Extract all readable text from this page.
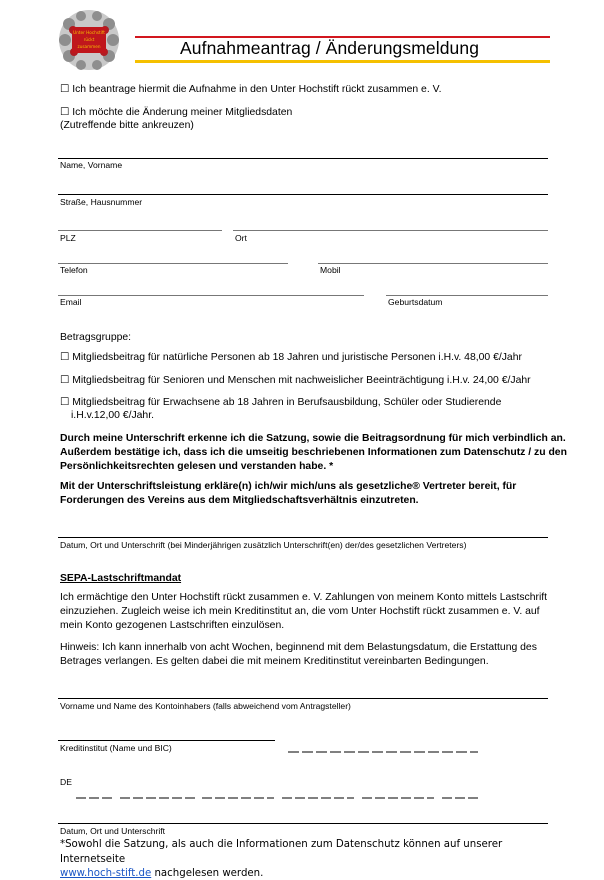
Unter Hochstift
rückt
zusammen	Aufnahmeantrag / Änderungsmeldung
☐ Ich beantrage hiermit die Aufnahme in den Unter Hochstift rückt zusammen e. V.
☐ Ich möchte die Änderung meiner Mitgliedsdaten
(Zutreffende bitte ankreuzen)
Name, Vorname
Straße, Hausnummer
PLZ	Ort
Telefon	Mobil
Email	Geburtsdatum
Betragsgruppe:
☐ Mitgliedsbeitrag für natürliche Personen ab 18 Jahren und juristische Personen i.H.v. 48,00 €/Jahr
☐ Mitgliedsbeitrag für Senioren und Menschen mit nachweislicher Beeinträchtigung i.H.v. 24,00 €/Jahr
☐ Mitgliedsbeitrag für Erwachsene ab 18 Jahren in Berufsausbildung, Schüler oder Studierende
i.H.v.12,00 €/Jahr.
Durch meine Unterschrift erkenne ich die Satzung, sowie die Beitragsordnung für mich verbindlich an. Außerdem bestätige ich, dass ich die umseitig beschriebenen Informationen zum Datenschutz / zu den Persönlichkeitsrechten gelesen und verstanden habe. *
Mit der Unterschriftsleistung erkläre(n) ich/wir mich/uns als gesetzliche® Vertreter bereit, für Forderungen des Vereins aus dem Mitgliedschaftsverhältnis einzutreten.
Datum, Ort und Unterschrift (bei Minderjährigen zusätzlich Unterschrift(en) der/des gesetzlichen Vertreters)
SEPA-Lastschriftmandat
Ich ermächtige den Unter Hochstift rückt zusammen e. V. Zahlungen von meinem Konto mittels Lastschrift einzuziehen. Zugleich weise ich mein Kreditinstitut an, die vom Unter Hochstift rückt zusammen e. V. auf mein Konto gezogenen Lastschriften einzulösen.
Hinweis: Ich kann innerhalb von acht Wochen, beginnend mit dem Belastungsdatum, die Erstattung des Betrages verlangen. Es gelten dabei die mit meinem Kreditinstitut vereinbarten Bedingungen.
Vorname und Name des Kontoinhabers (falls abweichend vom Antragsteller)
Kreditinstitut (Name und BIC)
DE
Datum, Ort und Unterschrift
*Sowohl die Satzung, als auch die Informationen zum Datenschutz können auf unserer Internetseite
www.hoch-stift.de nachgelesen werden.
